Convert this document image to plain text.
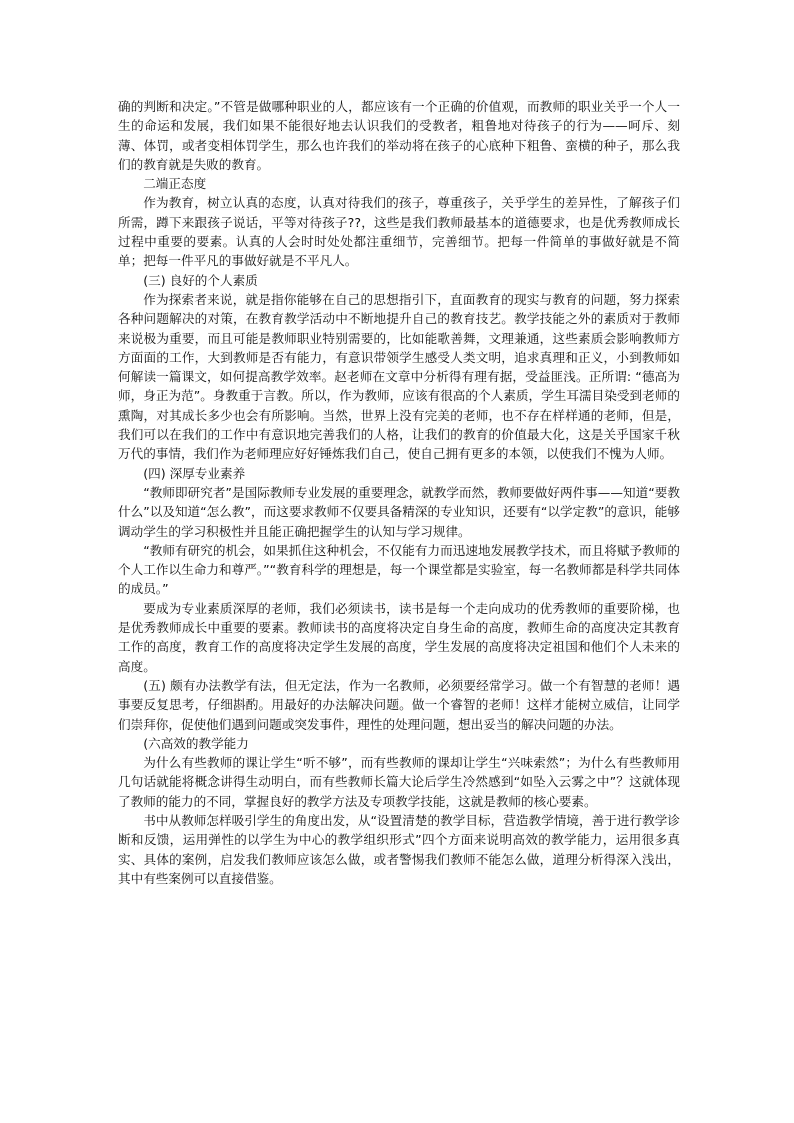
确的判断和决定。”不管是做哪种职业的人，都应该有一个正确的价值观，而教师的职业关乎一个人一生的命运和发展，我们如果不能很好地去认识我们的受教者，粗鲁地对待孩子的行为——呵斥、刻薄、体罚，或者变相体罚学生，那么也许我们的举动将在孩子的心底种下粗鲁、蛮横的种子，那么我们的教育就是失败的教育。

二端正态度

作为教育，树立认真的态度，认真对待我们的孩子，尊重孩子，关乎学生的差异性，了解孩子们所需，蹲下来跟孩子说话，平等对待孩子??，这些是我们教师最基本的道德要求，也是优秀教师成长过程中重要的要素。认真的人会时时处处都注重细节，完善细节。把每一件简单的事做好就是不简单；把每一件平凡的事做好就是不平凡人。

(三) 良好的个人素质

作为探索者来说，就是指你能够在自己的思想指引下，直面教育的现实与教育的问题，努力探索各种问题解决的对策，在教育教学活动中不断地提升自己的教育技艺。教学技能之外的素质对于教师来说极为重要，而且可能是教师职业特别需要的，比如能歌善舞，文理兼通，这些素质会影响教师方方面面的工作，大到教师是否有能力，有意识带领学生感受人类文明，追求真理和正义，小到教师如何解读一篇课文，如何提高教学效率。赵老师在文章中分析得有理有据，受益匪浅。正所谓: “德高为师，身正为范”。身教重于言教。所以，作为教师，应该有很高的个人素质，学生耳濡目染受到老师的熏陶，对其成长多少也会有所影响。当然，世界上没有完美的老师，也不存在样样通的老师，但是，我们可以在我们的工作中有意识地完善我们的人格，让我们的教育的价值最大化，这是关乎国家千秋万代的事情，我们作为老师理应好好锤炼我们自己，使自己拥有更多的本领，以使我们不愧为人师。

(四) 深厚专业素养

“教师即研究者”是国际教师专业发展的重要理念，就教学而然，教师要做好两件事——知道“要教什么”以及知道“怎么教”，而这要求教师不仅要具备精深的专业知识，还要有“以学定教”的意识，能够调动学生的学习积极性并且能正确把握学生的认知与学习规律。

“教师有研究的机会，如果抓住这种机会，不仅能有力而迅速地发展教学技术，而且将赋予教师的个人工作以生命力和尊严。”“教育科学的理想是，每一个课堂都是实验室，每一名教师都是科学共同体的成员。”

要成为专业素质深厚的老师，我们必须读书，读书是每一个走向成功的优秀教师的重要阶梯，也是优秀教师成长中重要的要素。教师读书的高度将决定自身生命的高度，教师生命的高度决定其教育工作的高度，教育工作的高度将决定学生发展的高度，学生发展的高度将决定祖国和他们个人未来的高度。

(五) 颇有办法教学有法，但无定法，作为一名教师，必须要经常学习。做一个有智慧的老师！遇事要反复思考，仔细斟酌。用最好的办法解决问题。做一个睿智的老师！这样才能树立威信，让同学们崇拜你，促使他们遇到问题或突发事件，理性的处理问题，想出妥当的解决问题的办法。

(六高效的教学能力

为什么有些教师的课让学生“听不够”，而有些教师的课却让学生“兴味索然”；为什么有些教师用几句话就能将概念讲得生动明白，而有些教师长篇大论后学生冷然感到“如坠入云雾之中”？这就体现了教师的能力的不同，掌握良好的教学方法及专项教学技能，这就是教师的核心要素。

书中从教师怎样吸引学生的角度出发，从“设置清楚的教学目标，营造教学情境，善于进行教学诊断和反馈，运用弹性的以学生为中心的教学组织形式”四个方面来说明高效的教学能力，运用很多真实、具体的案例，启发我们教师应该怎么做，或者警惕我们教师不能怎么做，道理分析得深入浅出，其中有些案例可以直接借鉴。
